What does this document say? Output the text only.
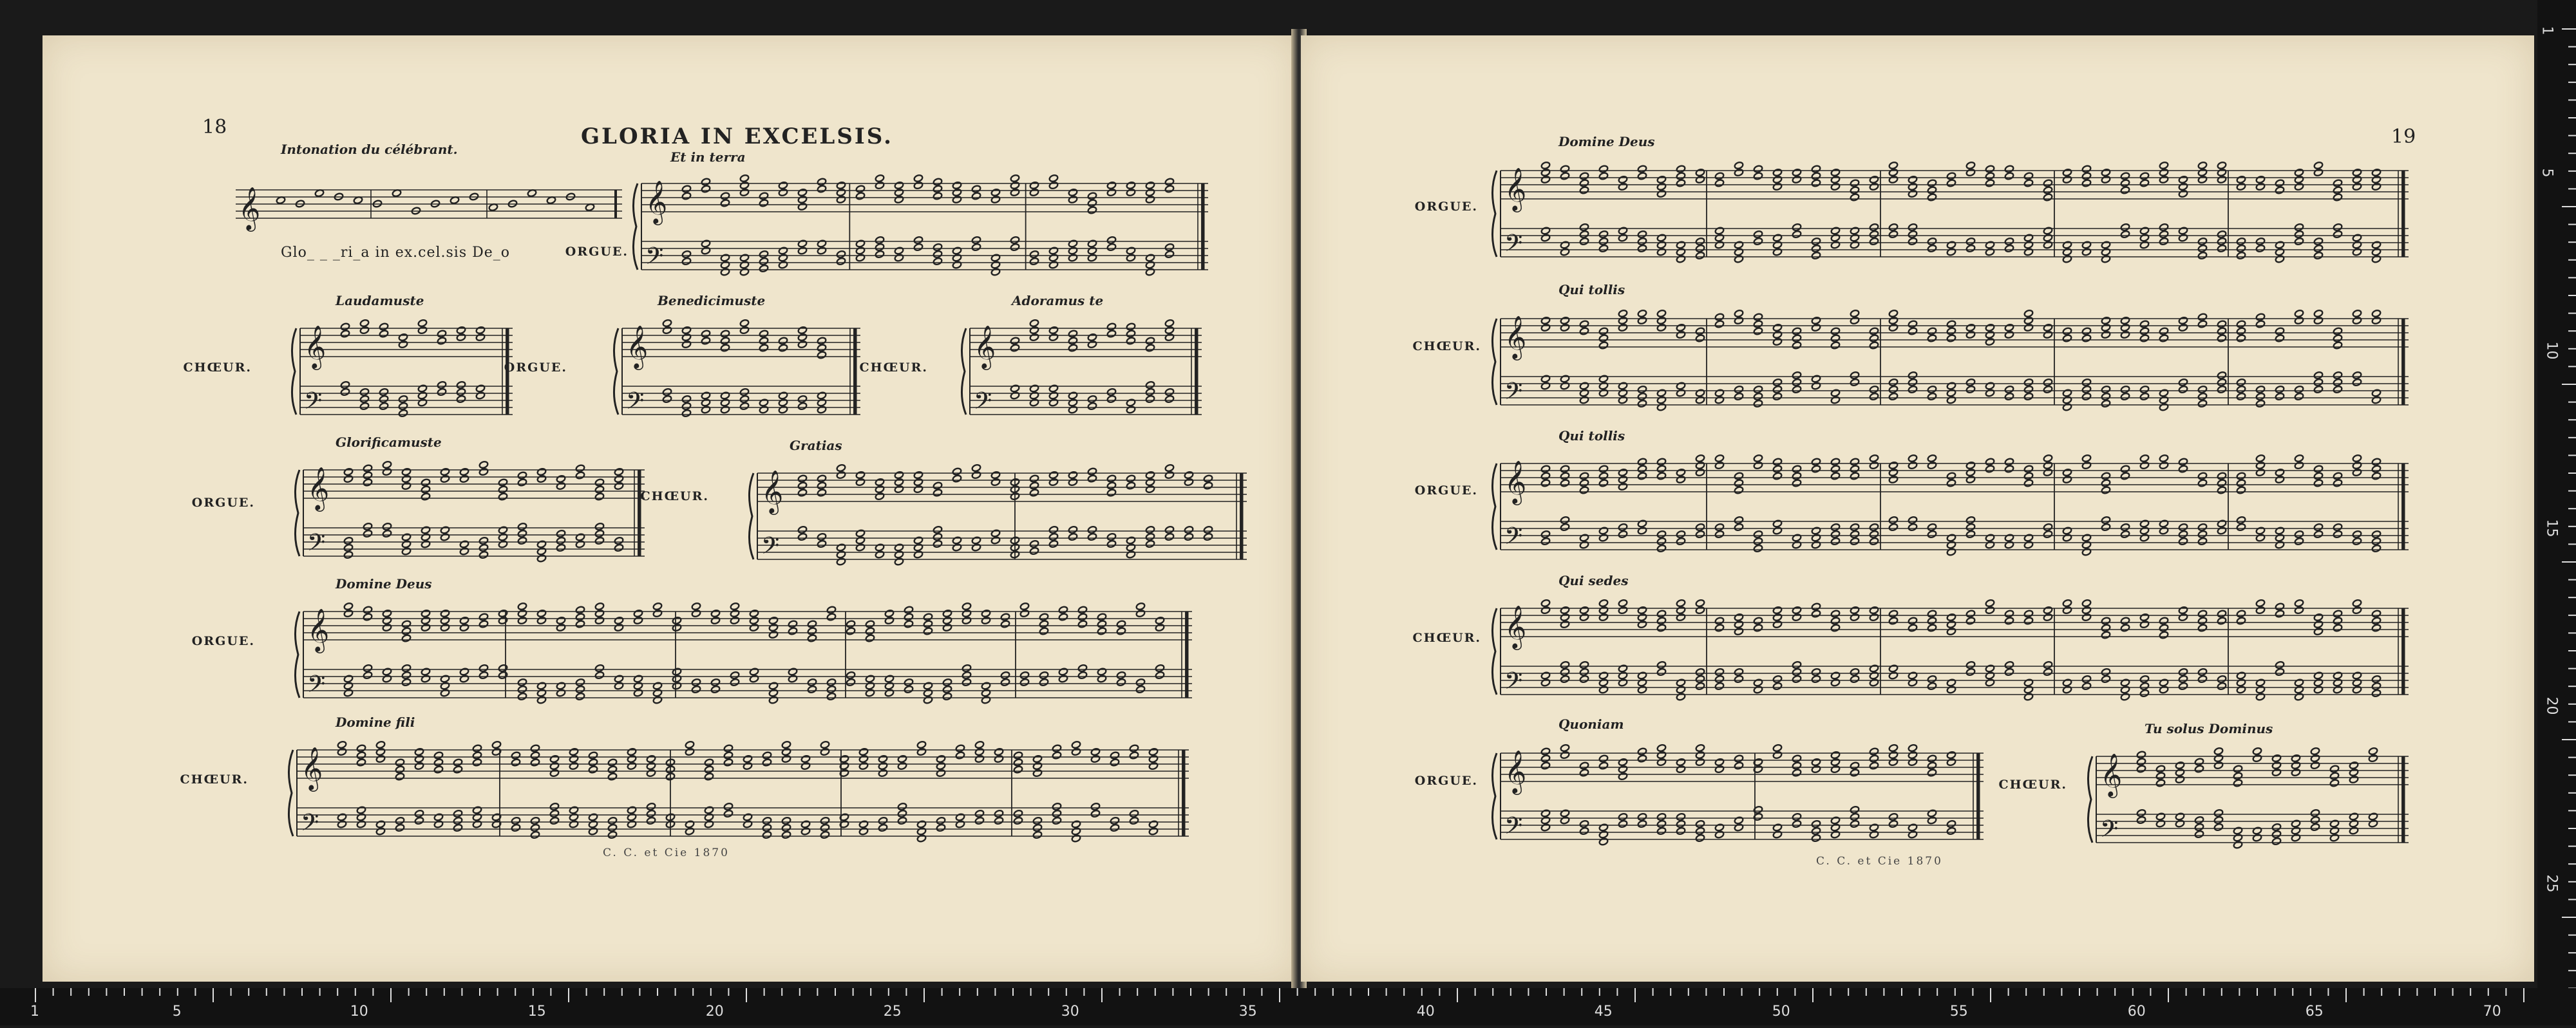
18	GLORIA IN EXCELSIS.
Intonation du célébrant.
𝄞
Glo_ _ _ri_a in ex.cel.sis De_o
Et in terra
ORGUE.
𝄞
𝄢
Laudamuste
CHŒUR. 𝄞
𝄢
Benedicimuste
ORGUE. 𝄞
𝄢
Adoramus te
CHŒUR. 𝄞
𝄢
Glorificamuste
ORGUE. 𝄞
𝄢
Gratias
CHŒUR. 𝄞
𝄢
Domine Deus
ORGUE. 𝄞
𝄢
Domine fili
CHŒUR. 𝄞
𝄢
C. C. et Cie 1870
19
Domine Deus
ORGUE. 𝄞
𝄢
Qui tollis
CHŒUR. 𝄞
𝄢
Qui tollis
ORGUE. 𝄞
𝄢
Qui sedes
CHŒUR. 𝄞
𝄢
Quoniam
ORGUE. 𝄞
𝄢
Tu solus Dominus
CHŒUR. 𝄞
𝄢
C. C. et Cie 1870
1
5
10
15
20
25
1	5	10	15	20	25	30	35	40	45	50	55	60	65	70
